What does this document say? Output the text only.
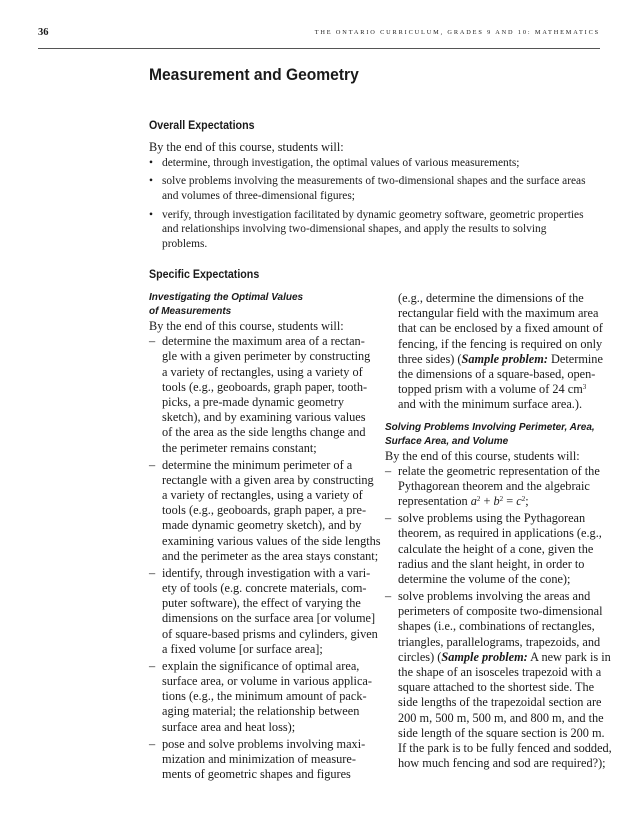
36	THE ONTARIO CURRICULUM, GRADES 9 AND 10: MATHEMATICS
Measurement and Geometry
Overall Expectations
By the end of this course, students will:
• determine, through investigation, the optimal values of various measurements;
• solve problems involving the measurements of two-dimensional shapes and the surface areas
and volumes of three-dimensional figures;
• verify, through investigation facilitated by dynamic geometry software, geometric properties
and relationships involving two-dimensional shapes, and apply the results to solving
problems.
Specific Expectations
Investigating the Optimal Values
of Measurements
By the end of this course, students will:
– determine the maximum area of a rectan-
gle with a given perimeter by constructing
a variety of rectangles, using a variety of
tools (e.g., geoboards, graph paper, tooth-
picks, a pre-made dynamic geometry
sketch), and by examining various values
of the area as the side lengths change and
the perimeter remains constant;
– determine the minimum perimeter of a
rectangle with a given area by constructing
a variety of rectangles, using a variety of
tools (e.g., geoboards, graph paper, a pre-
made dynamic geometry sketch), and by
examining various values of the side lengths
and the perimeter as the area stays constant;
– identify, through investigation with a vari-
ety of tools (e.g. concrete materials, com-
puter software), the effect of varying the
dimensions on the surface area [or volume]
of square-based prisms and cylinders, given
a fixed volume [or surface area];
– explain the significance of optimal area,
surface area, or volume in various applica-
tions (e.g., the minimum amount of pack-
aging material; the relationship between
surface area and heat loss);
– pose and solve problems involving maxi-
mization and minimization of measure-
ments of geometric shapes and figures
(e.g., determine the dimensions of the
rectangular field with the maximum area
that can be enclosed by a fixed amount of
fencing, if the fencing is required on only
three sides) (Sample problem: Determine
the dimensions of a square-based, open-
topped prism with a volume of 24 $cm^3$
and with the minimum surface area.).
Solving Problems Involving Perimeter, Area,
Surface Area, and Volume
By the end of this course, students will:
– relate the geometric representation of the
Pythagorean theorem and the algebraic
representation $a^2 + b^2 = c^2$;
– solve problems using the Pythagorean
theorem, as required in applications (e.g.,
calculate the height of a cone, given the
radius and the slant height, in order to
determine the volume of the cone);
– solve problems involving the areas and
perimeters of composite two-dimensional
shapes (i.e., combinations of rectangles,
triangles, parallelograms, trapezoids, and
circles) (Sample problem: A new park is in
the shape of an isosceles trapezoid with a
square attached to the shortest side. The
side lengths of the trapezoidal section are
200 m, 500 m, 500 m, and 800 m, and the
side length of the square section is 200 m.
If the park is to be fully fenced and sodded,
how much fencing and sod are required?);
